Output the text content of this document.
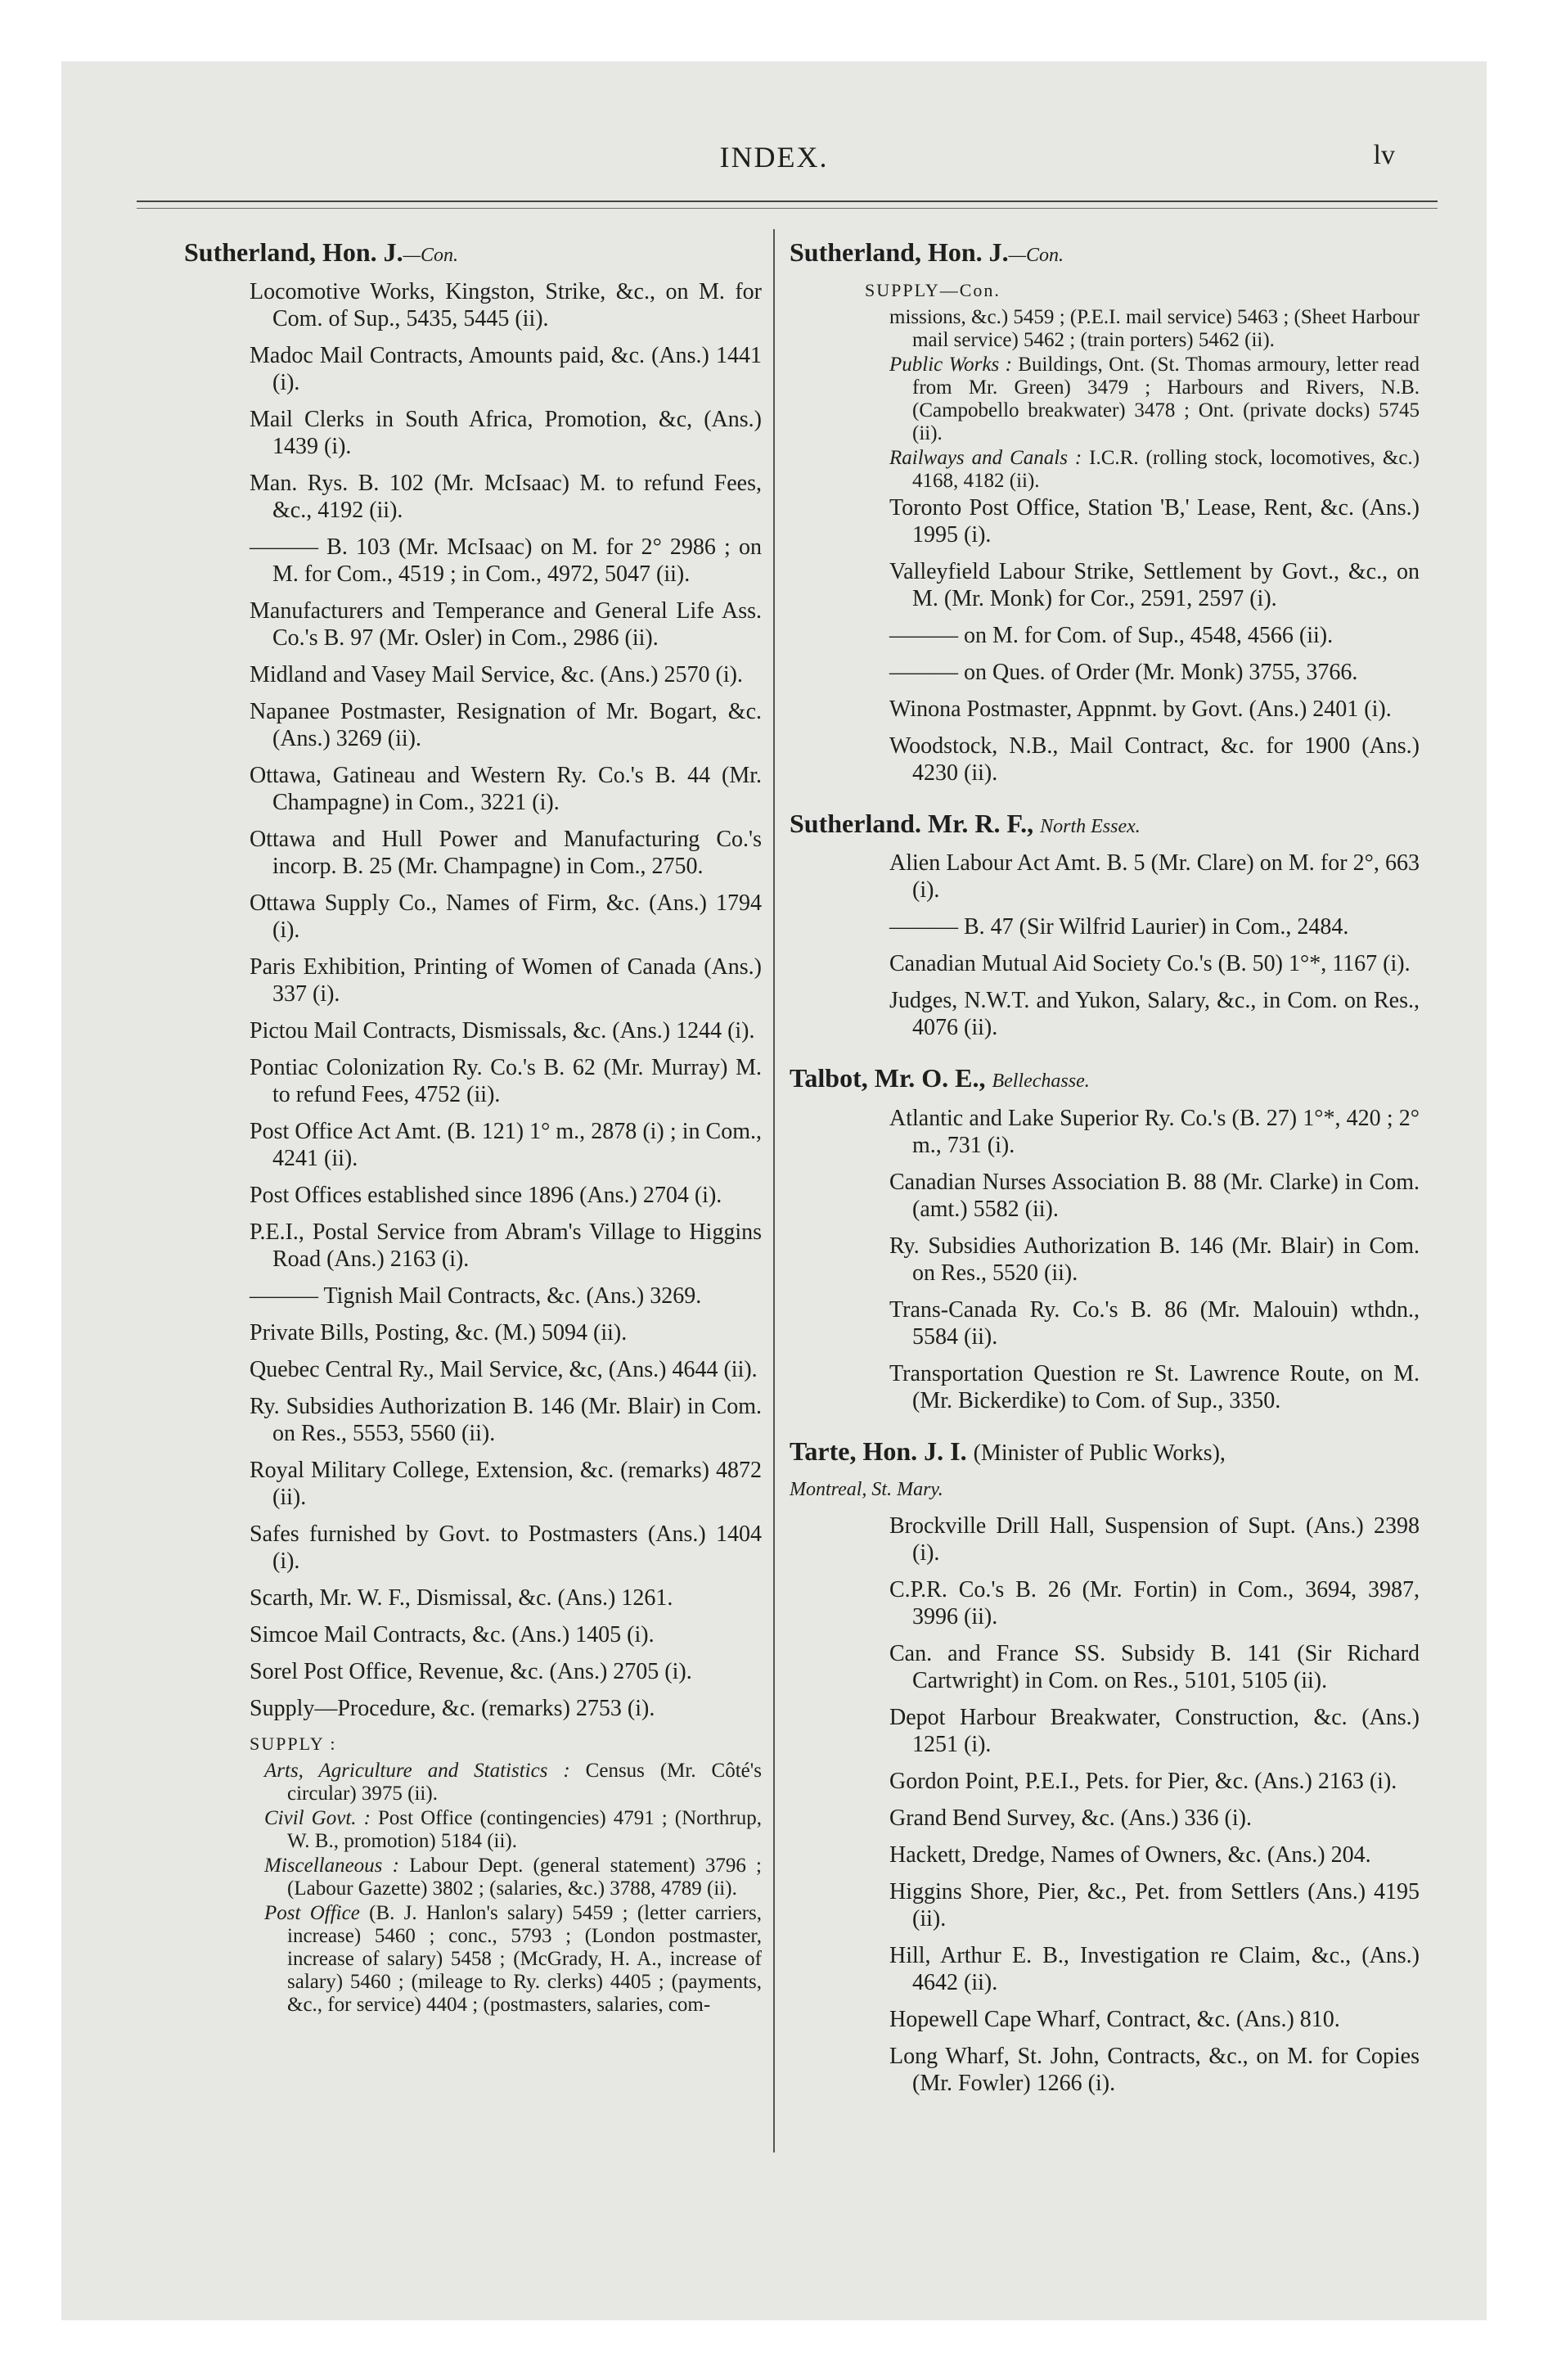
INDEX.	lv
Sutherland, Hon. J.—Con.
Locomotive Works, Kingston, Strike, &c., on M. for Com. of Sup., 5435, 5445 (ii).
Madoc Mail Contracts, Amounts paid, &c. (Ans.) 1441 (i).
Mail Clerks in South Africa, Promotion, &c, (Ans.) 1439 (i).
Man. Rys. B. 102 (Mr. McIsaac) M. to refund Fees, &c., 4192 (ii).
——— B. 103 (Mr. McIsaac) on M. for 2° 2986 ; on M. for Com., 4519 ; in Com., 4972, 5047 (ii).
Manufacturers and Temperance and General Life Ass. Co.'s B. 97 (Mr. Osler) in Com., 2986 (ii).
Midland and Vasey Mail Service, &c. (Ans.) 2570 (i).
Napanee Postmaster, Resignation of Mr. Bogart, &c. (Ans.) 3269 (ii).
Ottawa, Gatineau and Western Ry. Co.'s B. 44 (Mr. Champagne) in Com., 3221 (i).
Ottawa and Hull Power and Manufacturing Co.'s incorp. B. 25 (Mr. Champagne) in Com., 2750.
Ottawa Supply Co., Names of Firm, &c. (Ans.) 1794 (i).
Paris Exhibition, Printing of Women of Canada (Ans.) 337 (i).
Pictou Mail Contracts, Dismissals, &c. (Ans.) 1244 (i).
Pontiac Colonization Ry. Co.'s B. 62 (Mr. Murray) M. to refund Fees, 4752 (ii).
Post Office Act Amt. (B. 121) 1° m., 2878 (i) ; in Com., 4241 (ii).
Post Offices established since 1896 (Ans.) 2704 (i).
P.E.I., Postal Service from Abram's Village to Higgins Road (Ans.) 2163 (i).
——— Tignish Mail Contracts, &c. (Ans.) 3269.
Private Bills, Posting, &c. (M.) 5094 (ii).
Quebec Central Ry., Mail Service, &c, (Ans.) 4644 (ii).
Ry. Subsidies Authorization B. 146 (Mr. Blair) in Com. on Res., 5553, 5560 (ii).
Royal Military College, Extension, &c. (remarks) 4872 (ii).
Safes furnished by Govt. to Postmasters (Ans.) 1404 (i).
Scarth, Mr. W. F., Dismissal, &c. (Ans.) 1261.
Simcoe Mail Contracts, &c. (Ans.) 1405 (i).
Sorel Post Office, Revenue, &c. (Ans.) 2705 (i).
Supply—Procedure, &c. (remarks) 2753 (i).
SUPPLY :
Arts, Agriculture and Statistics : Census (Mr. Côté's circular) 3975 (ii).
Civil Govt. : Post Office (contingencies) 4791 ; (Northrup, W. B., promotion) 5184 (ii).
Miscellaneous : Labour Dept. (general statement) 3796 ; (Labour Gazette) 3802 ; (salaries, &c.) 3788, 4789 (ii).
Post Office (B. J. Hanlon's salary) 5459 ; (letter carriers, increase) 5460 ; conc., 5793 ; (London postmaster, increase of salary) 5458 ; (McGrady, H. A., increase of salary) 5460 ; (mileage to Ry. clerks) 4405 ; (payments, &c., for service) 4404 ; (postmasters, salaries, com-
Sutherland, Hon. J.—Con.
SUPPLY—Con.
missions, &c.) 5459 ; (P.E.I. mail service) 5463 ; (Sheet Harbour mail service) 5462 ; (train porters) 5462 (ii).
Public Works : Buildings, Ont. (St. Thomas armoury, letter read from Mr. Green) 3479 ; Harbours and Rivers, N.B. (Campobello breakwater) 3478 ; Ont. (private docks) 5745 (ii).
Railways and Canals : I.C.R. (rolling stock, locomotives, &c.) 4168, 4182 (ii).
Toronto Post Office, Station 'B,' Lease, Rent, &c. (Ans.) 1995 (i).
Valleyfield Labour Strike, Settlement by Govt., &c., on M. (Mr. Monk) for Cor., 2591, 2597 (i).
——— on M. for Com. of Sup., 4548, 4566 (ii).
——— on Ques. of Order (Mr. Monk) 3755, 3766.
Winona Postmaster, Appnmt. by Govt. (Ans.) 2401 (i).
Woodstock, N.B., Mail Contract, &c. for 1900 (Ans.) 4230 (ii).
Sutherland. Mr. R. F., North Essex.
Alien Labour Act Amt. B. 5 (Mr. Clare) on M. for 2°, 663 (i).
——— B. 47 (Sir Wilfrid Laurier) in Com., 2484.
Canadian Mutual Aid Society Co.'s (B. 50) 1°*, 1167 (i).
Judges, N.W.T. and Yukon, Salary, &c., in Com. on Res., 4076 (ii).
Talbot, Mr. O. E., Bellechasse.
Atlantic and Lake Superior Ry. Co.'s (B. 27) 1°*, 420 ; 2° m., 731 (i).
Canadian Nurses Association B. 88 (Mr. Clarke) in Com. (amt.) 5582 (ii).
Ry. Subsidies Authorization B. 146 (Mr. Blair) in Com. on Res., 5520 (ii).
Trans-Canada Ry. Co.'s B. 86 (Mr. Malouin) wthdn., 5584 (ii).
Transportation Question re St. Lawrence Route, on M. (Mr. Bickerdike) to Com. of Sup., 3350.
Tarte, Hon. J. I. (Minister of Public Works),
Montreal, St. Mary.
Brockville Drill Hall, Suspension of Supt. (Ans.) 2398 (i).
C.P.R. Co.'s B. 26 (Mr. Fortin) in Com., 3694, 3987, 3996 (ii).
Can. and France SS. Subsidy B. 141 (Sir Richard Cartwright) in Com. on Res., 5101, 5105 (ii).
Depot Harbour Breakwater, Construction, &c. (Ans.) 1251 (i).
Gordon Point, P.E.I., Pets. for Pier, &c. (Ans.) 2163 (i).
Grand Bend Survey, &c. (Ans.) 336 (i).
Hackett, Dredge, Names of Owners, &c. (Ans.) 204.
Higgins Shore, Pier, &c., Pet. from Settlers (Ans.) 4195 (ii).
Hill, Arthur E. B., Investigation re Claim, &c., (Ans.) 4642 (ii).
Hopewell Cape Wharf, Contract, &c. (Ans.) 810.
Long Wharf, St. John, Contracts, &c., on M. for Copies (Mr. Fowler) 1266 (i).
